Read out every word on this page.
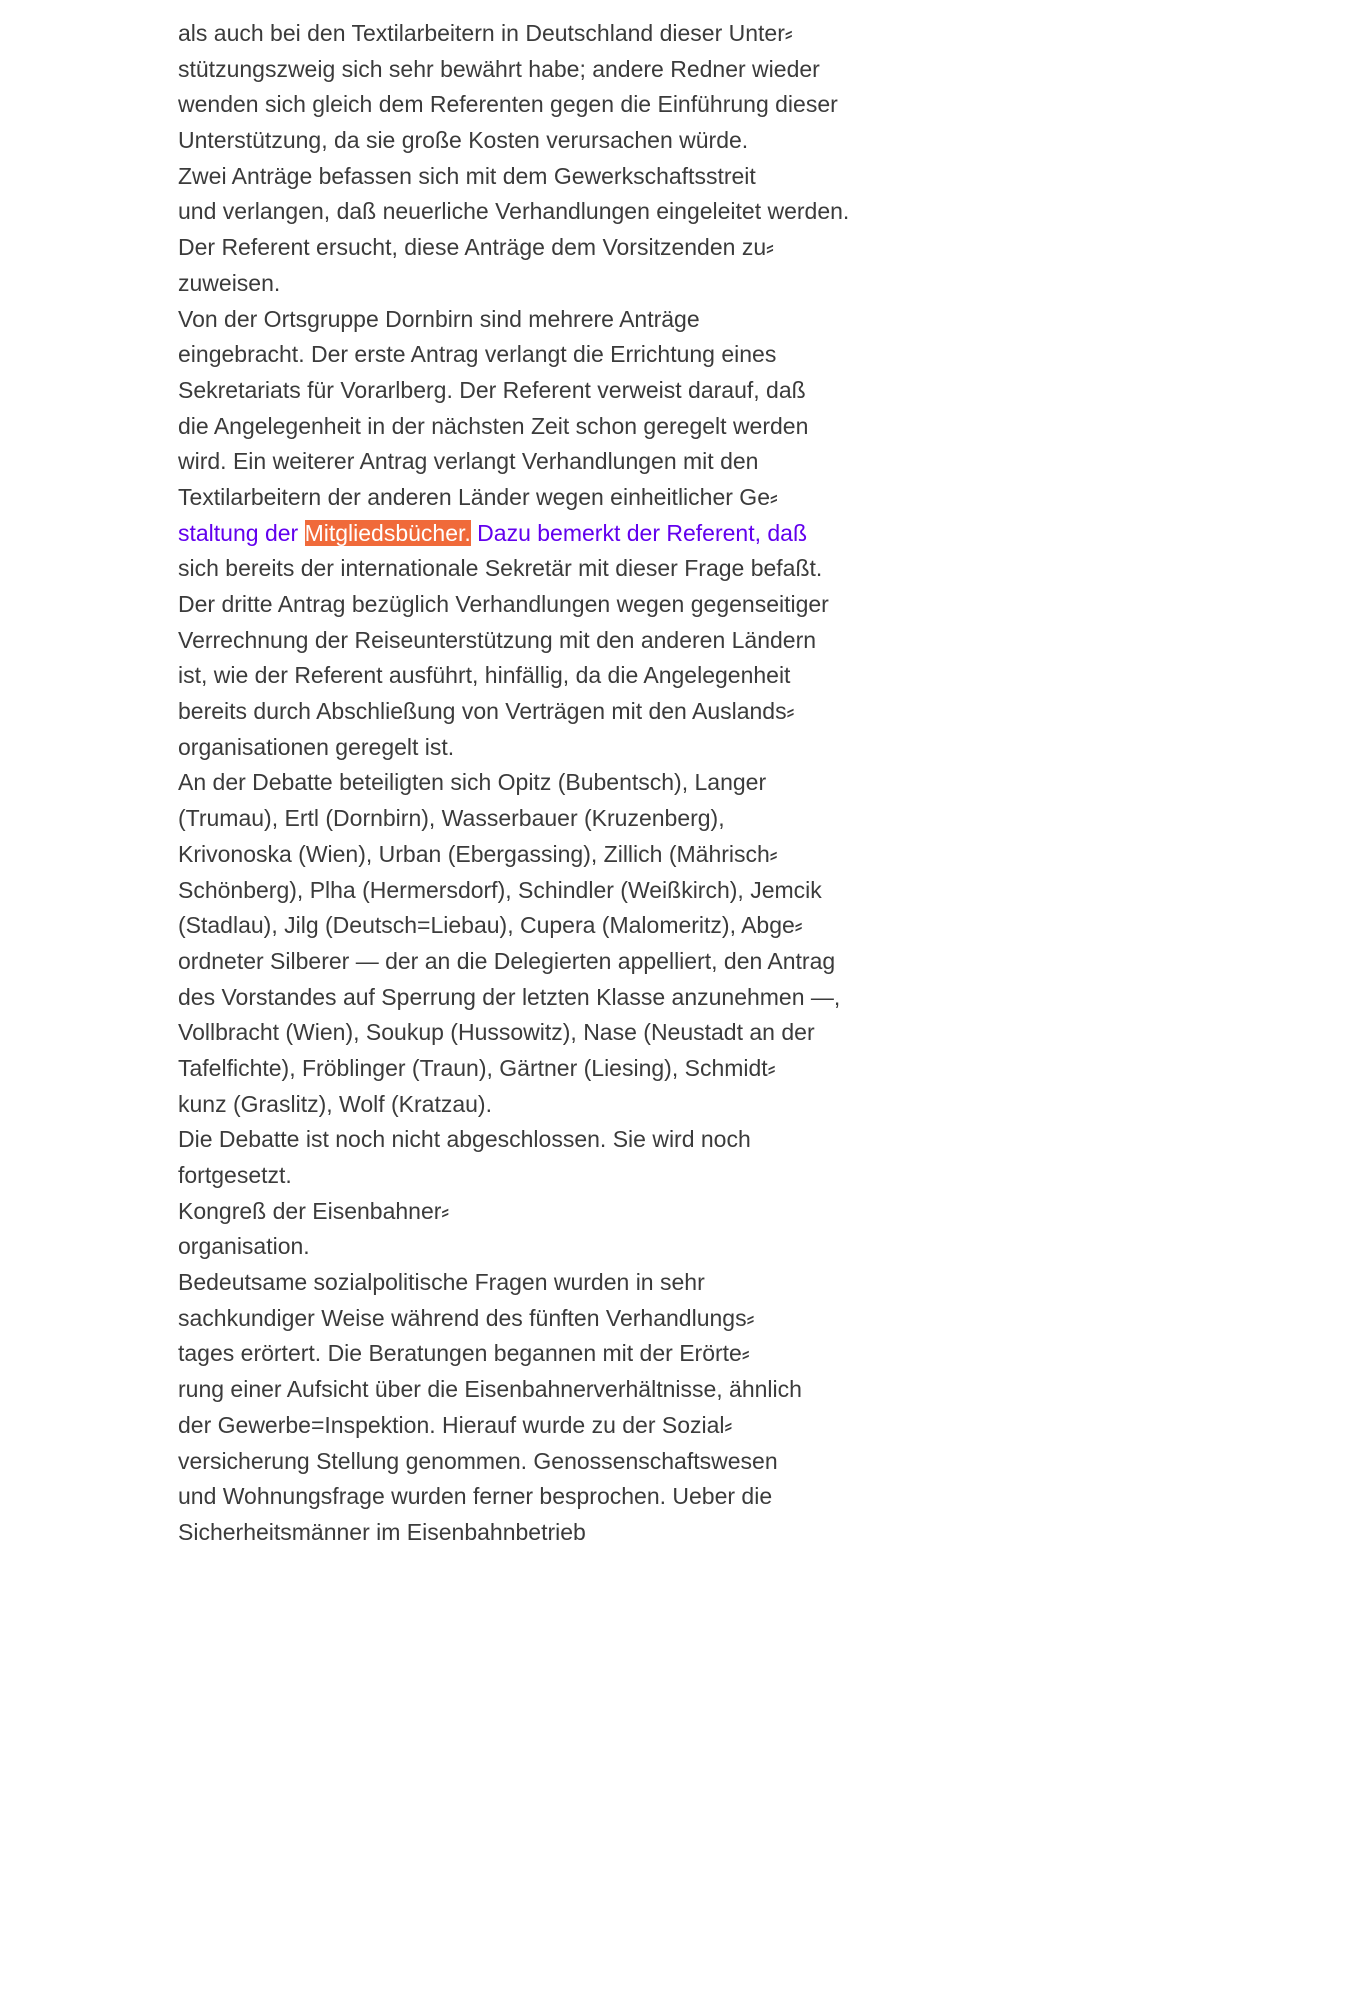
als auch bei den Textilarbeitern in Deutschland dieser Unter⸗
stützungszweig sich sehr bewährt habe; andere Redner wieder
wenden sich gleich dem Referenten gegen die Einführung dieser
Unterstützung, da sie große Kosten verursachen würde.
Zwei Anträge befassen sich mit dem Gewerkschaftsstreit
und verlangen, daß neuerliche Verhandlungen eingeleitet werden.
Der Referent ersucht, diese Anträge dem Vorsitzenden zu⸗
zuweisen.
Von der Ortsgruppe Dornbirn sind mehrere Anträge
eingebracht. Der erste Antrag verlangt die Errichtung eines
Sekretariats für Vorarlberg. Der Referent verweist darauf, daß
die Angelegenheit in der nächsten Zeit schon geregelt werden
wird. Ein weiterer Antrag verlangt Verhandlungen mit den
Textilarbeitern der anderen Länder wegen einheitlicher Ge⸗
staltung der Mitgliedsbücher. Dazu bemerkt der Referent, daß
sich bereits der internationale Sekretär mit dieser Frage befaßt.
Der dritte Antrag bezüglich Verhandlungen wegen gegenseitiger
Verrechnung der Reiseunterstützung mit den anderen Ländern
ist, wie der Referent ausführt, hinfällig, da die Angelegenheit
bereits durch Abschließung von Verträgen mit den Auslands⸗
organisationen geregelt ist.
An der Debatte beteiligten sich Opitz (Bubentsch), Langer
(Trumau), Ertl (Dornbirn), Wasserbauer (Kruzenberg),
Krivonoska (Wien), Urban (Ebergassing), Zillich (Mährisch⸗
Schönberg), Plha (Hermersdorf), Schindler (Weißkirch), Jemcik
(Stadlau), Jilg (Deutsch=Liebau), Cupera (Malomeritz), Abge⸗
ordneter Silberer — der an die Delegierten appelliert, den Antrag
des Vorstandes auf Sperrung der letzten Klasse anzunehmen —,
Vollbracht (Wien), Soukup (Hussowitz), Nase (Neustadt an der
Tafelfichte), Fröblinger (Traun), Gärtner (Liesing), Schmidt⸗
kunz (Graslitz), Wolf (Kratzau).
Die Debatte ist noch nicht abgeschlossen. Sie wird noch
fortgesetzt.
Kongreß der Eisenbahner⸗
organisation.
Bedeutsame sozialpolitische Fragen wurden in sehr
sachkundiger Weise während des fünften Verhandlungs⸗
tages erörtert. Die Beratungen begannen mit der Erörte⸗
rung einer Aufsicht über die Eisenbahnerverhältnisse, ähnlich
der Gewerbe=Inspektion. Hierauf wurde zu der Sozial⸗
versicherung Stellung genommen. Genossenschaftswesen
und Wohnungsfrage wurden ferner besprochen. Ueber die
Sicherheitsmänner im Eisenbahnbetrieb
